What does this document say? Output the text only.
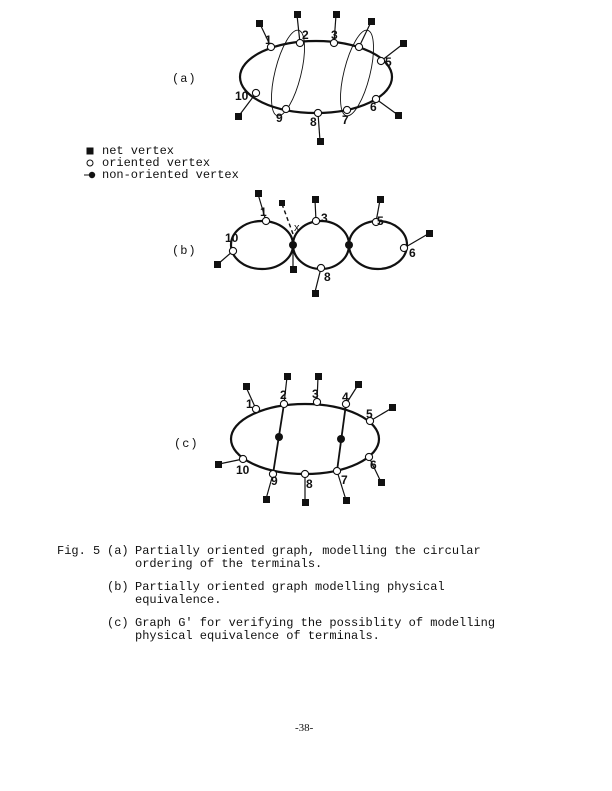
(a)
1	2 3
5
6
7
8
9
10
net vertex
oriented vertex
non-oriented vertex
(b)
x
1	3	5
6
8
10
(c)
1
2 3 4
5
6
7
8
9
10
Fig. 5 (a) Partially oriented graph, modelling the circular
ordering of the terminals.
(b) Partially oriented graph modelling physical
equivalence.
(c) Graph G' for verifying the possiblity of modelling
physical equivalence of terminals.
-38-
